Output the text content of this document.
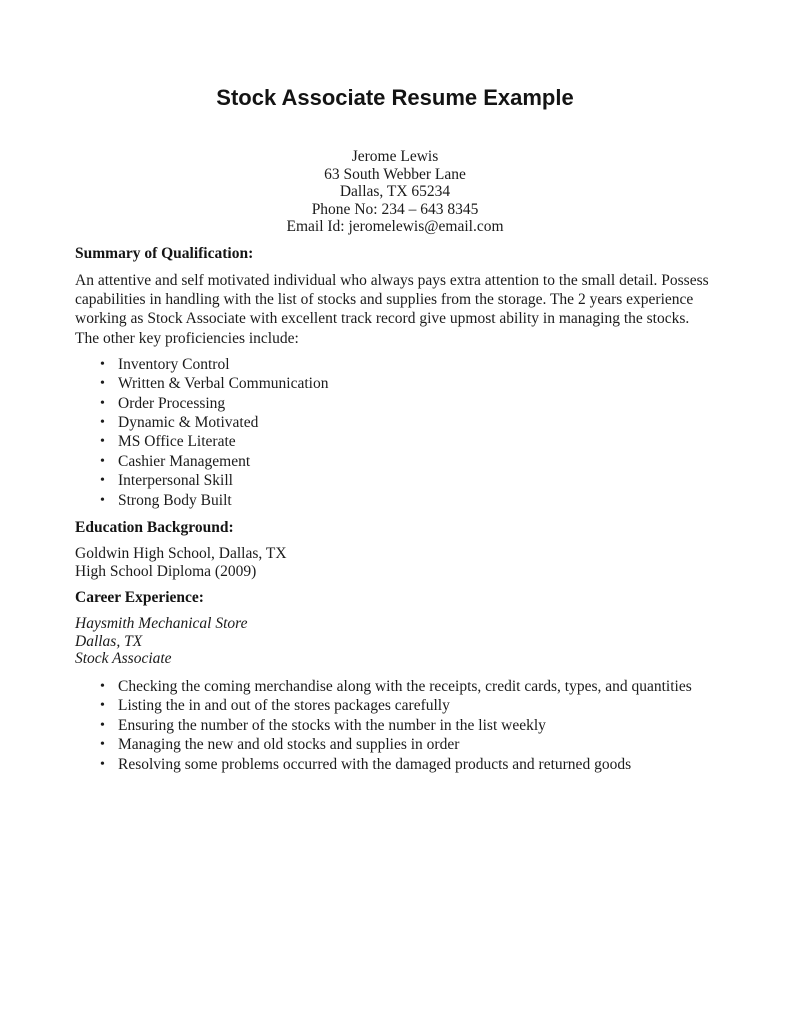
Stock Associate Resume Example
Jerome Lewis
63 South Webber Lane
Dallas, TX 65234
Phone No: 234 – 643 8345
Email Id: jeromelewis@email.com
Summary of Qualification:

An attentive and self motivated individual who always pays extra attention to the small detail. Possess capabilities in handling with the list of stocks and supplies from the storage. The 2 years experience working as Stock Associate with excellent track record give upmost ability in managing the stocks. The other key proficiencies include:

• Inventory Control
• Written & Verbal Communication
• Order Processing
• Dynamic & Motivated
• MS Office Literate
• Cashier Management
• Interpersonal Skill
• Strong Body Built
Education Background:
Goldwin High School, Dallas, TX
High School Diploma (2009)
Career Experience:
Haysmith Mechanical Store
Dallas, TX
Stock Associate
• Checking the coming merchandise along with the receipts, credit cards, types, and quantities
• Listing the in and out of the stores packages carefully
• Ensuring the number of the stocks with the number in the list weekly
• Managing the new and old stocks and supplies in order
• Resolving some problems occurred with the damaged products and returned goods
